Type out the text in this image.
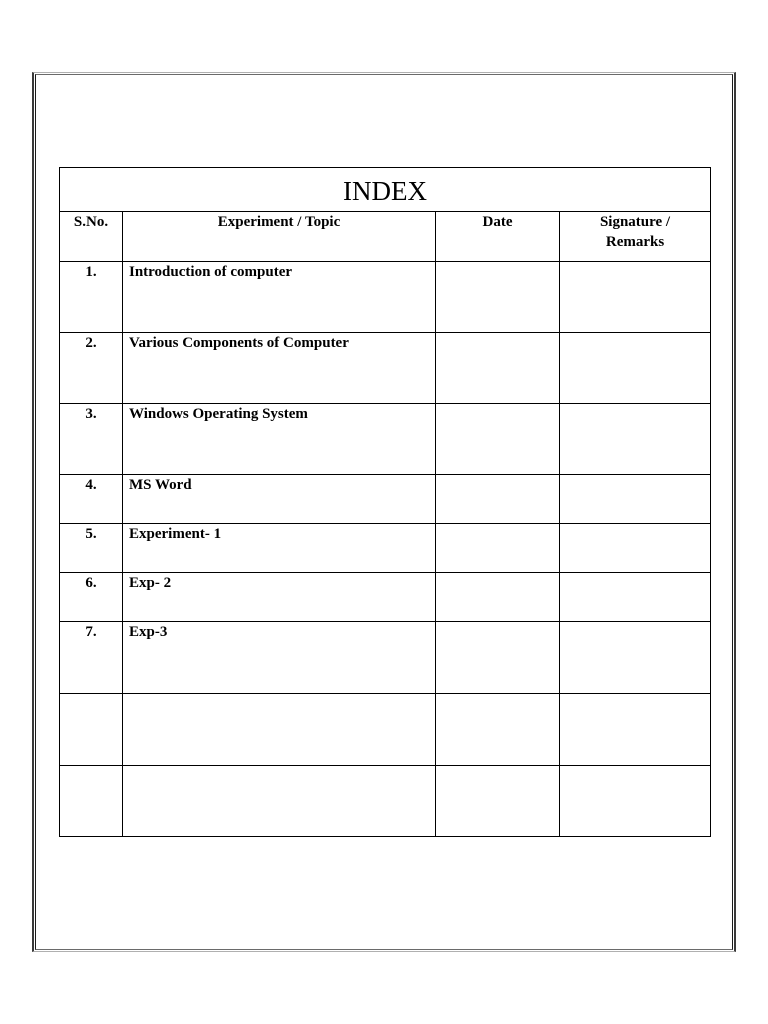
INDEX			

S.No.	Experiment / Topic	Date	Signature /
Remarks

1.	Introduction of computer		

2.	Various Components of Computer		

3.	Windows Operating System		

4.	MS Word		

5.	Experiment- 1		

6.	Exp- 2		

7.	Exp-3		
